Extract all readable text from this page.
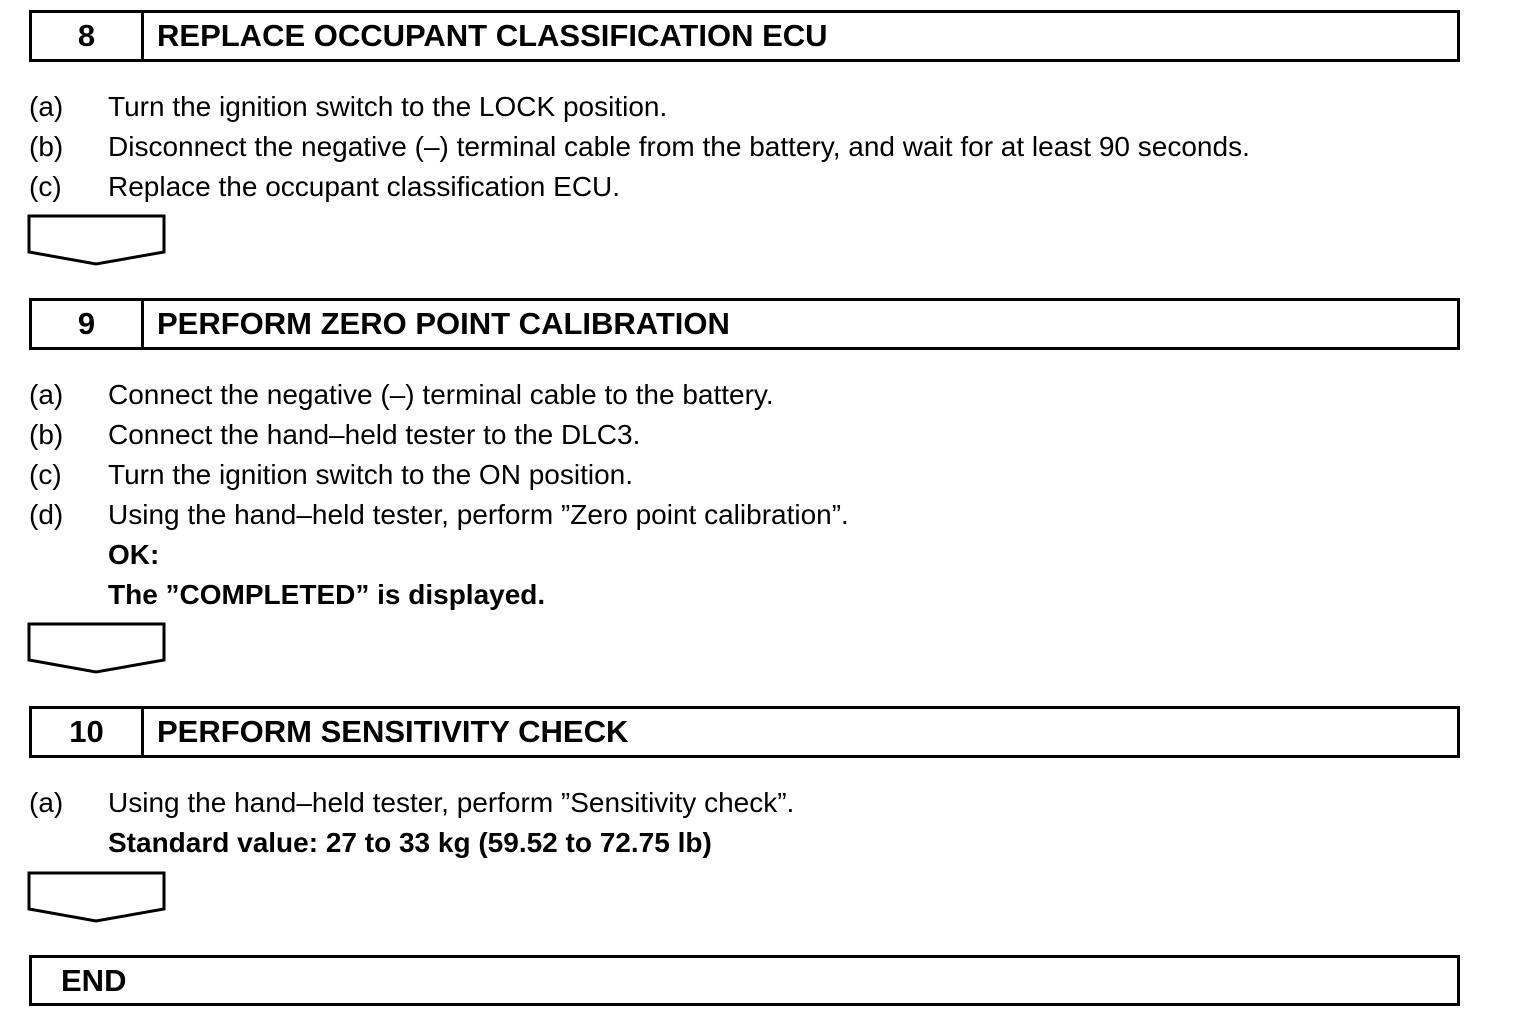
8	REPLACE OCCUPANT CLASSIFICATION ECU
(a)	Turn the ignition switch to the LOCK position.
(b)	Disconnect the negative (–) terminal cable from the battery, and wait for at least 90 seconds.
(c)	Replace the occupant classification ECU.
9	PERFORM ZERO POINT CALIBRATION
(a)	Connect the negative (–) terminal cable to the battery.
(b)	Connect the hand–held tester to the DLC3.
(c)	Turn the ignition switch to the ON position.
(d)	Using the hand–held tester, perform ”Zero point calibration”.
OK:
The ”COMPLETED” is displayed.
10	PERFORM SENSITIVITY CHECK
(a)	Using the hand–held tester, perform ”Sensitivity check”.
Standard value: 27 to 33 kg (59.52 to 72.75 lb)
END
